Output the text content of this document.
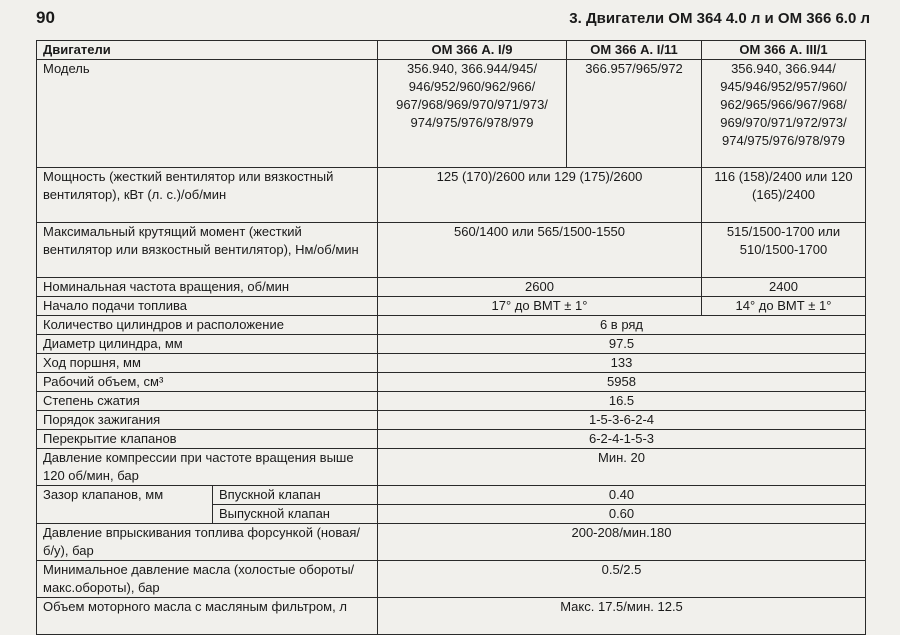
90	3. Двигатели ОМ 364 4.0 л и ОМ 366 6.0 л
Двигатели		ОМ 366 А. I/9	ОМ 366 А. I/11	ОМ 366 А. III/1
Модель		356.940, 366.944/945/ 946/952/960/962/966/ 967/968/969/970/971/973/ 974/975/976/978/979	366.957/965/972	356.940, 366.944/ 945/946/952/957/960/ 962/965/966/967/968/ 969/970/971/972/973/ 974/975/976/978/979
Мощность (жесткий вентилятор или вязкостный вентилятор), кВт (л. с.)/об/мин		125 (170)/2600 или 129 (175)/2600		116 (158)/2400 или 120 (165)/2400
Максимальный крутящий момент (жесткий вентилятор или вязкостный вентилятор), Нм/об/мин		560/1400 или 565/1500-1550		515/1500-1700 или 510/1500-1700
Номинальная частота вращения, об/мин		2600		2400
Начало подачи топлива		17° до ВМТ ± 1°		14° до ВМТ ± 1°
Количество цилиндров и расположение		6 в ряд		
Диаметр цилиндра, мм		97.5		
Ход поршня, мм		133		
Рабочий объем, см³		5958		
Степень сжатия		16.5		
Порядок зажигания		1-5-3-6-2-4		
Перекрытие клапанов		6-2-4-1-5-3		
Давление компрессии при частоте вращения выше 120 об/мин, бар		Мин. 20		
Зазор клапанов, мм	Впускной клапан	0.40		
	Выпускной клапан	0.60		
Давление впрыскивания топлива форсункой (новая/б/у), бар		200-208/мин.180		
Минимальное давление масла (холостые обороты/макс.обороты), бар		0.5/2.5		
Объем моторного масла с масляным фильтром, л		Макс. 17.5/мин. 12.5		
